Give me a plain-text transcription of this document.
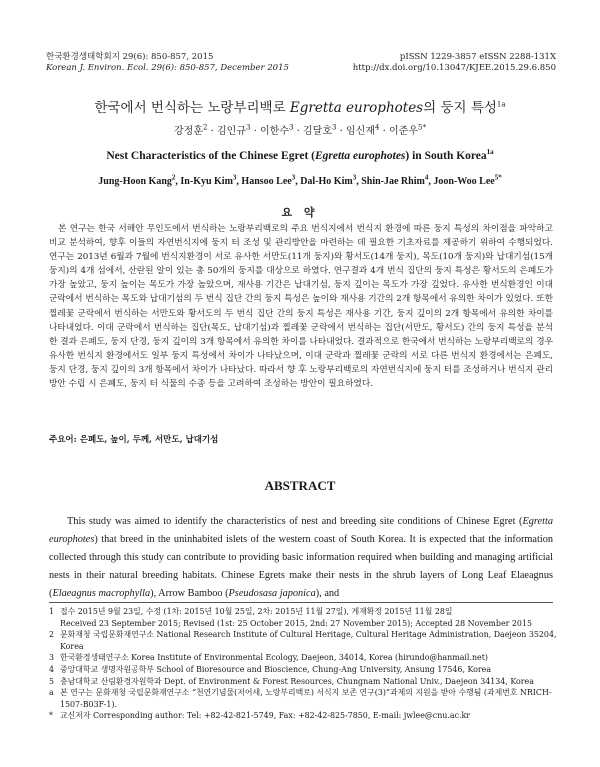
한국환경생태학회지 29(6): 850-857, 2015
Korean J. Environ. Ecol. 29(6): 850-857, December 2015
pISSN 1229-3857 eISSN 2288-131X
http://dx.doi.org/10.13047/KJEE.2015.29.6.850
한국에서 번식하는 노랑부리백로 Egretta europhotes의 둥지 특성$^{1a}$
강정훈$^2$ · 김인규$^3$ · 이한수$^3$ · 김달호$^3$ · 임신재$^4$ · 이준우$^{5*}$
Nest Characteristics of the Chinese Egret (Egretta europhotes) in South Korea$^{1a}$
Jung-Hoon Kang$^2$, In-Kyu Kim$^3$, Hansoo Lee$^3$, Dal-Ho Kim$^3$, Shin-Jae Rhim$^4$, Joon-Woo Lee$^{5*}$
요 약

본 연구는 한국 서해안 무인도에서 번식하는 노랑부리백로의 주요 번식지에서 번식지 환경에 따른 둥지 특성의 차이점을 파악하고 비교 분석하여, 향후 이들의 자연번식지에 둥지 터 조성 및 관리방안을 마련하는 데 필요한 기초자료를 제공하기 위하여 수행되었다. 연구는 2013년 6월과 7월에 번식지환경이 서로 유사한 서만도(11개 둥지)와 황서도(14개 둥지), 목도(10개 둥지)와 납대기섬(15개 둥지)의 4개 섬에서, 산란된 알이 있는 총 50개의 둥지를 대상으로 하였다. 연구결과 4개 번식 집단의 둥지 특성은 황서도의 은폐도가 가장 높았고, 둥지 높이는 목도가 가장 높았으며, 재사용 기간은 납대기섬, 둥지 깊이는 목도가 가장 깊었다. 유사한 번식환경인 이대 군락에서 번식하는 목도와 납대기섬의 두 번식 집단 간의 둥지 특성은 높이와 재사용 기간의 2개 항목에서 유의한 차이가 있었다. 또한 찔레꽃 군락에서 번식하는 서만도와 황서도의 두 번식 집단 간의 둥지 특성은 재사용 기간, 둥지 깊이의 2개 항목에서 유의한 차이를 나타내었다. 이대 군락에서 번식하는 집단(목도, 납대기섬)과 찔레꽃 군락에서 번식하는 집단(서만도, 황서도) 간의 둥지 특성을 분석한 결과 은폐도, 둥지 단경, 둥지 깊이의 3개 항목에서 유의한 차이를 나타내었다. 결과적으로 한국에서 번식하는 노랑부리백로의 경우 유사한 번식지 환경에서도 일부 둥지 특성에서 차이가 나타났으며, 이대 군락과 찔레꽃 군락의 서로 다른 번식지 환경에서는 은폐도, 둥지 단경, 둥지 깊이의 3개 항목에서 차이가 나타났다. 따라서 향 후 노랑부리백로의 자연번식지에 둥지 터를 조성하거나 번식지 관리방안 수립 시 은폐도, 둥지 터 식물의 수종 등을 고려하여 조성하는 방안이 필요하였다.

주요어: 은폐도, 높이, 두께, 서만도, 납대기섬
ABSTRACT

This study was aimed to identify the characteristics of nest and breeding site conditions of Chinese Egret (Egretta europhotes) that breed in the uninhabited islets of the western coast of South Korea. It is expected that the information collected through this study can contribute to providing basic information required when building and managing artificial nests in their natural breeding habitats. Chinese Egrets make their nests in the shrub layers of Long Leaf Elaeagnus (Elaeagnus macrophylla), Arrow Bamboo (Pseudosasa japonica), and

1 접수 2015년 9월 23일, 수정 (1차: 2015년 10월 25일, 2차: 2015년 11월 27일), 게재확정 2015년 11월 28일
Received 23 September 2015; Revised (1st: 25 October 2015, 2nd: 27 November 2015); Accepted 28 November 2015
2 문화재청 국립문화재연구소 National Research Institute of Cultural Heritage, Cultural Heritage Administration, Daejeon 35204, Korea
3 한국환경생태연구소 Korea Institute of Environmental Ecology, Daejeon, 34014, Korea (hirundo@hanmail.net)
4 중앙대학교 생명자원공학부 School of Bioresource and Bioscience, Chung-Ang University, Ansung 17546, Korea
5 충남대학교 산림환경자원학과 Dept. of Environment & Forest Resources, Chungnam National Univ., Daejeon 34134, Korea
a 본 연구는 문화재청 국립문화재연구소 “천연기념물(저어새, 노랑부리백로) 서식지 보존 연구(3)”과제의 지원을 받아 수행됨 (과제번호 NRICH-1507-B03F-1).
* 교신저자 Corresponding author: Tel: +82-42-821-5749, Fax: +82-42-825-7850, E-mail: jwlee@cnu.ac.kr
